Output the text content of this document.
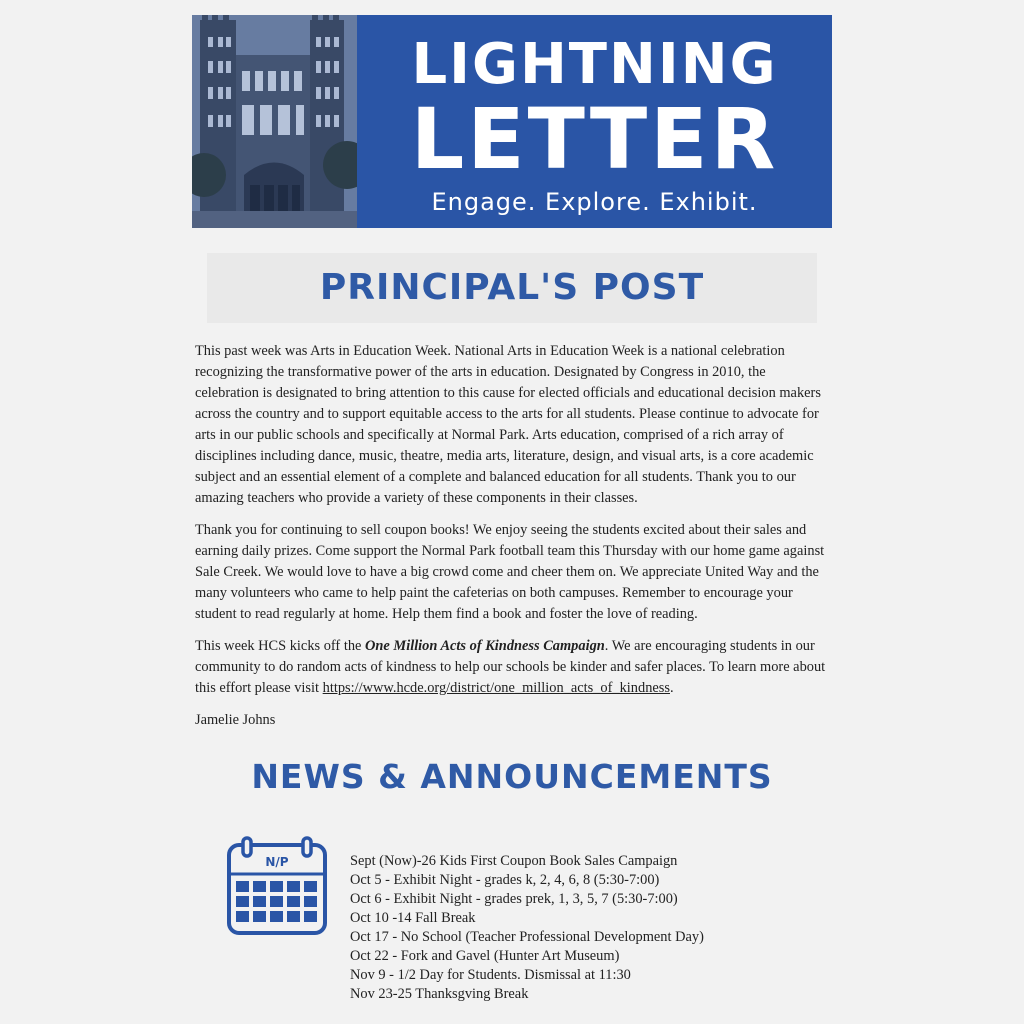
LIGHTNING
LETTER
Engage. Explore. Exhibit.
PRINCIPAL'S POST

This past week was Arts in Education Week. National Arts in Education Week is a national celebration recognizing the transformative power of the arts in education. Designated by Congress in 2010, the celebration is designated to bring attention to this cause for elected officials and educational decision makers across the country and to support equitable access to the arts for all students. Please continue to advocate for arts in our public schools and specifically at Normal Park. Arts education, comprised of a rich array of disciplines including dance, music, theatre, media arts, literature, design, and visual arts, is a core academic subject and an essential element of a complete and balanced education for all students. Thank you to our amazing teachers who provide a variety of these components in their classes.

Thank you for continuing to sell coupon books! We enjoy seeing the students excited about their sales and earning daily prizes. Come support the Normal Park football team this Thursday with our home game against Sale Creek. We would love to have a big crowd come and cheer them on. We appreciate United Way and the many volunteers who came to help paint the cafeterias on both campuses. Remember to encourage your student to read regularly at home. Help them find a book and foster the love of reading.

This week HCS kicks off the One Million Acts of Kindness Campaign. We are encouraging students in our community to do random acts of kindness to help our schools be kinder and safer places. To learn more about this effort please visit https://www.hcde.org/district/one_million_acts_of_kindness.

Jamelie Johns

NEWS & ANNOUNCEMENTS
N/P	Sept (Now)-26 Kids First Coupon Book Sales Campaign
Oct 5 - Exhibit Night - grades k, 2, 4, 6, 8 (5:30-7:00)
Oct 6 - Exhibit Night - grades prek, 1, 3, 5, 7 (5:30-7:00)
Oct 10 -14 Fall Break
Oct 17 - No School (Teacher Professional Development Day)
Oct 22 - Fork and Gavel (Hunter Art Museum)
Nov 9 - 1/2 Day for Students. Dismissal at 11:30
Nov 23-25 Thanksgving Break
